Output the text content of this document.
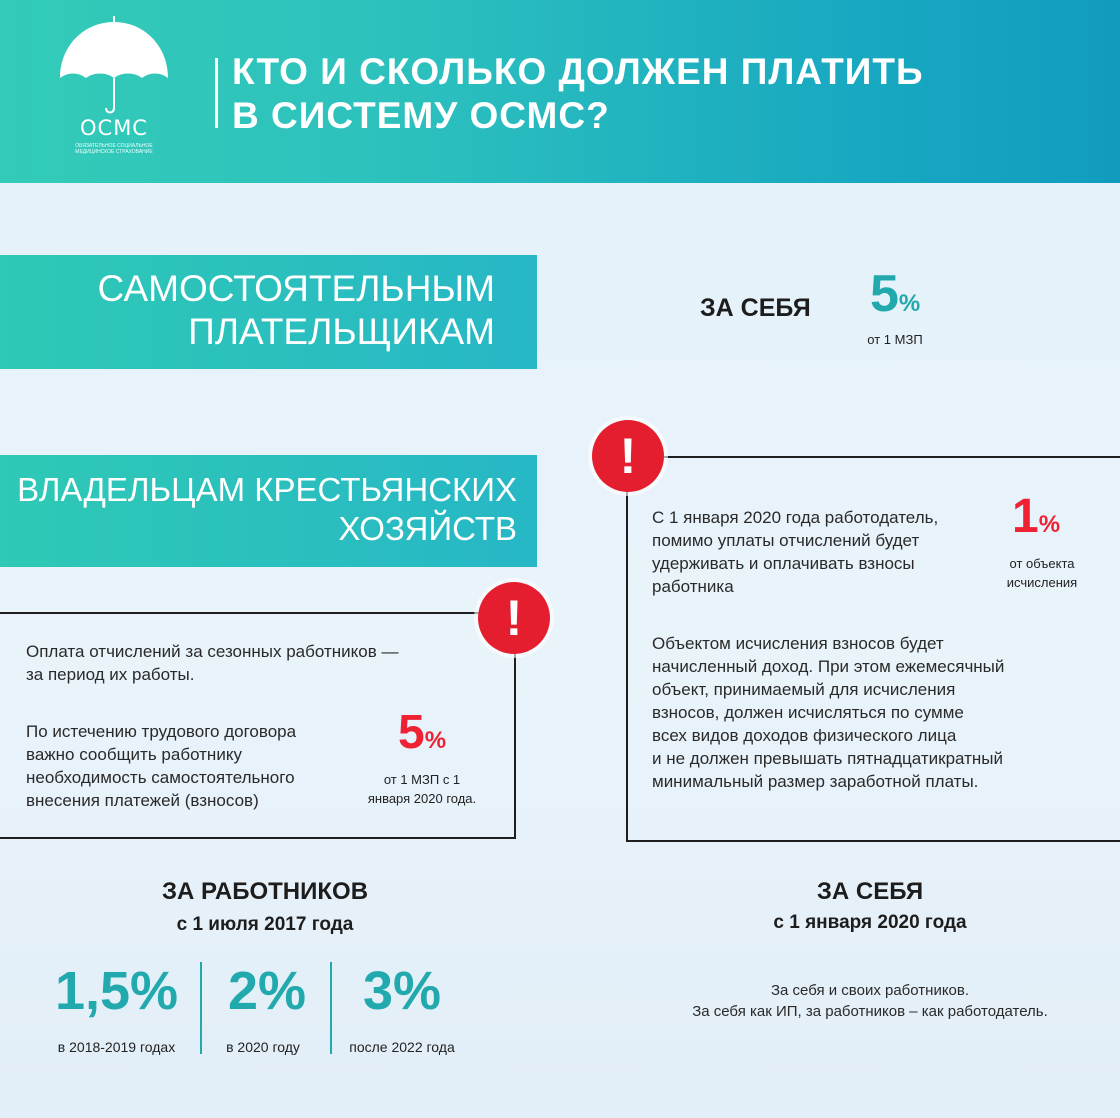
ОСМС
ОБЯЗАТЕЛЬНОЕ СОЦИАЛЬНОЕ МЕДИЦИНСКОЕ СТРАХОВАНИЕ
КТО И СКОЛЬКО ДОЛЖЕН ПЛАТИТЬ
В СИСТЕМУ ОСМС?
САМОСТОЯТЕЛЬНЫМ
ПЛАТЕЛЬЩИКАМ
ЗА СЕБЯ 5%
от 1 МЗП
ВЛАДЕЛЬЦАМ КРЕСТЬЯНСКИХ
ХОЗЯЙСТВ
!
Оплата отчислений за сезонных работников —
за период их работы.
По истечению трудового договора
важно сообщить работнику
необходимость самостоятельного
внесения платежей (взносов)
5%
от 1 МЗП с 1
января 2020 года.
!
С 1 января 2020 года работодатель,
помимо уплаты отчислений будет
удерживать и оплачивать взносы
работника
1%
от объекта
исчисления
Объектом исчисления взносов будет
начисленный доход. При этом ежемесячный
объект, принимаемый для исчисления
взносов, должен исчисляться по сумме
всех видов доходов физического лица
и не должен превышать пятнадцатикратный
минимальный размер заработной платы.
ЗА РАБОТНИКОВ
с 1 июля 2017 года
1,5%
в 2018-2019 годах
2%
в 2020 году
3%
после 2022 года
ЗА СЕБЯ
с 1 января 2020 года
За себя и своих работников.
За себя как ИП, за работников – как работодатель.
